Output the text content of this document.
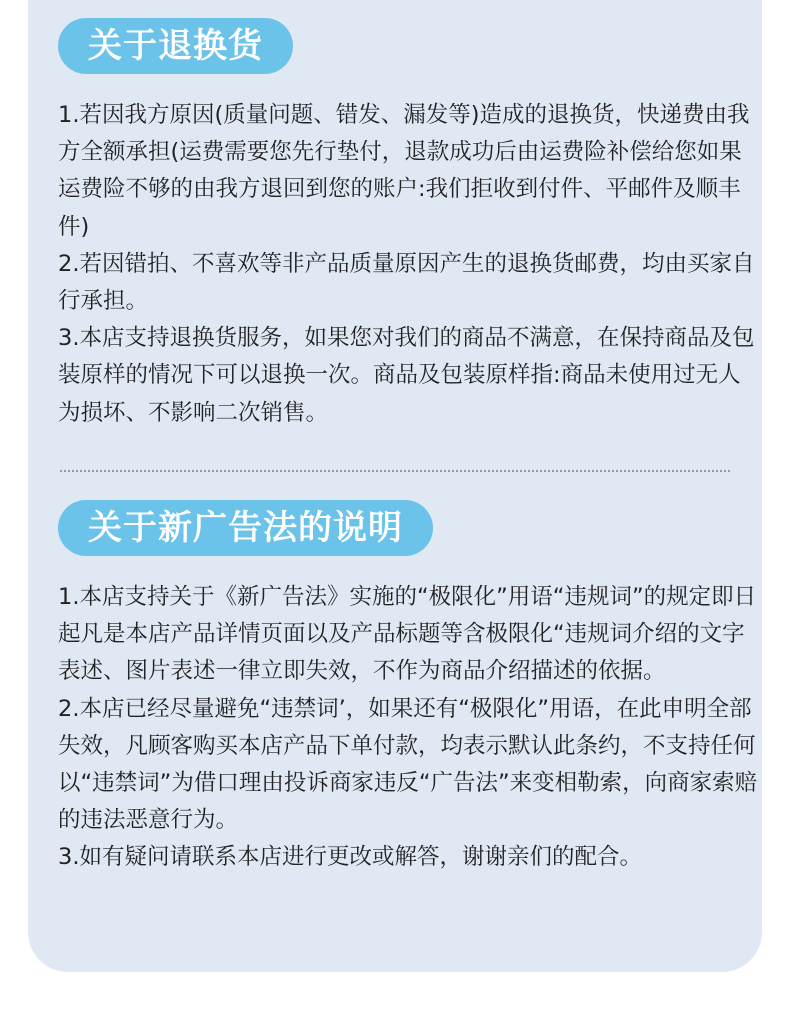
关于退换货

1.若因我方原因(质量问题、错发、漏发等)造成的退换货，快递费由我方全额承担(运费需要您先行垫付，退款成功后由运费险补偿给您如果运费险不够的由我方退回到您的账户:我们拒收到付件、平邮件及顺丰件)

2.若因错拍、不喜欢等非产品质量原因产生的退换货邮费，均由买家自行承担。

3.本店支持退换货服务，如果您对我们的商品不满意，在保持商品及包装原样的情况下可以退换一次。商品及包装原样指:商品未使用过无人为损坏、不影响二次销售。

关于新广告法的说明

1.本店支持关于《新广告法》实施的“极限化”用语“违规词”的规定即日起凡是本店产品详情页面以及产品标题等含极限化“违规词介绍的文字表述、图片表述一律立即失效，不作为商品介绍描述的依据。

2.本店已经尽量避免“违禁词’，如果还有“极限化”用语，在此申明全部失效，凡顾客购买本店产品下单付款，均表示默认此条约，不支持任何以“违禁词”为借口理由投诉商家违反“广告法”来变相勒索，向商家索赔的违法恶意行为。

3.如有疑问请联系本店进行更改或解答，谢谢亲们的配合。
